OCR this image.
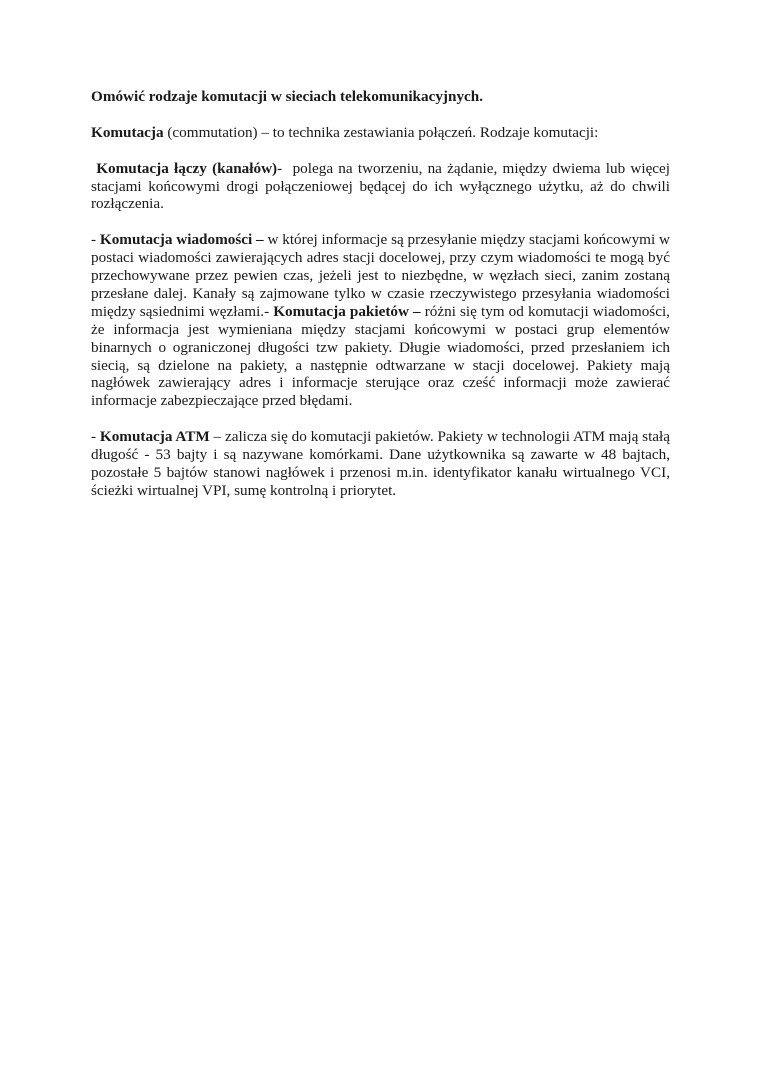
Omówić rodzaje komutacji w sieciach telekomunikacyjnych.

Komutacja (commutation) – to technika zestawiania połączeń. Rodzaje komutacji:

Komutacja łączy (kanałów)-  polega na tworzeniu, na żądanie, między dwiema lub więcej stacjami końcowymi drogi połączeniowej będącej do ich wyłącznego użytku, aż do chwili rozłączenia.

- Komutacja wiadomości – w której informacje są przesyłanie między stacjami końcowymi w postaci wiadomości zawierających adres stacji docelowej, przy czym wiadomości te mogą być przechowywane przez pewien czas, jeżeli jest to niezbędne, w węzłach sieci, zanim zostaną przesłane dalej. Kanały są zajmowane tylko w czasie rzeczywistego przesyłania wiadomości między sąsiednimi węzłami.- Komutacja pakietów – różni się tym od komutacji wiadomości, że informacja jest wymieniana między stacjami końcowymi w postaci grup elementów binarnych o ograniczonej długości tzw pakiety. Długie wiadomości, przed przesłaniem ich siecią, są dzielone na pakiety, a następnie odtwarzane w stacji docelowej. Pakiety mają nagłówek zawierający adres i informacje sterujące oraz cześć informacji może zawierać informacje zabezpieczające przed błędami.

- Komutacja ATM – zalicza się do komutacji pakietów. Pakiety w technologii ATM mają stałą długość - 53 bajty i są nazywane komórkami. Dane użytkownika są zawarte w 48 bajtach, pozostałe 5 bajtów stanowi nagłówek i przenosi m.in. identyfikator kanału wirtualnego VCI, ścieżki wirtualnej VPI, sumę kontrolną i priorytet.
